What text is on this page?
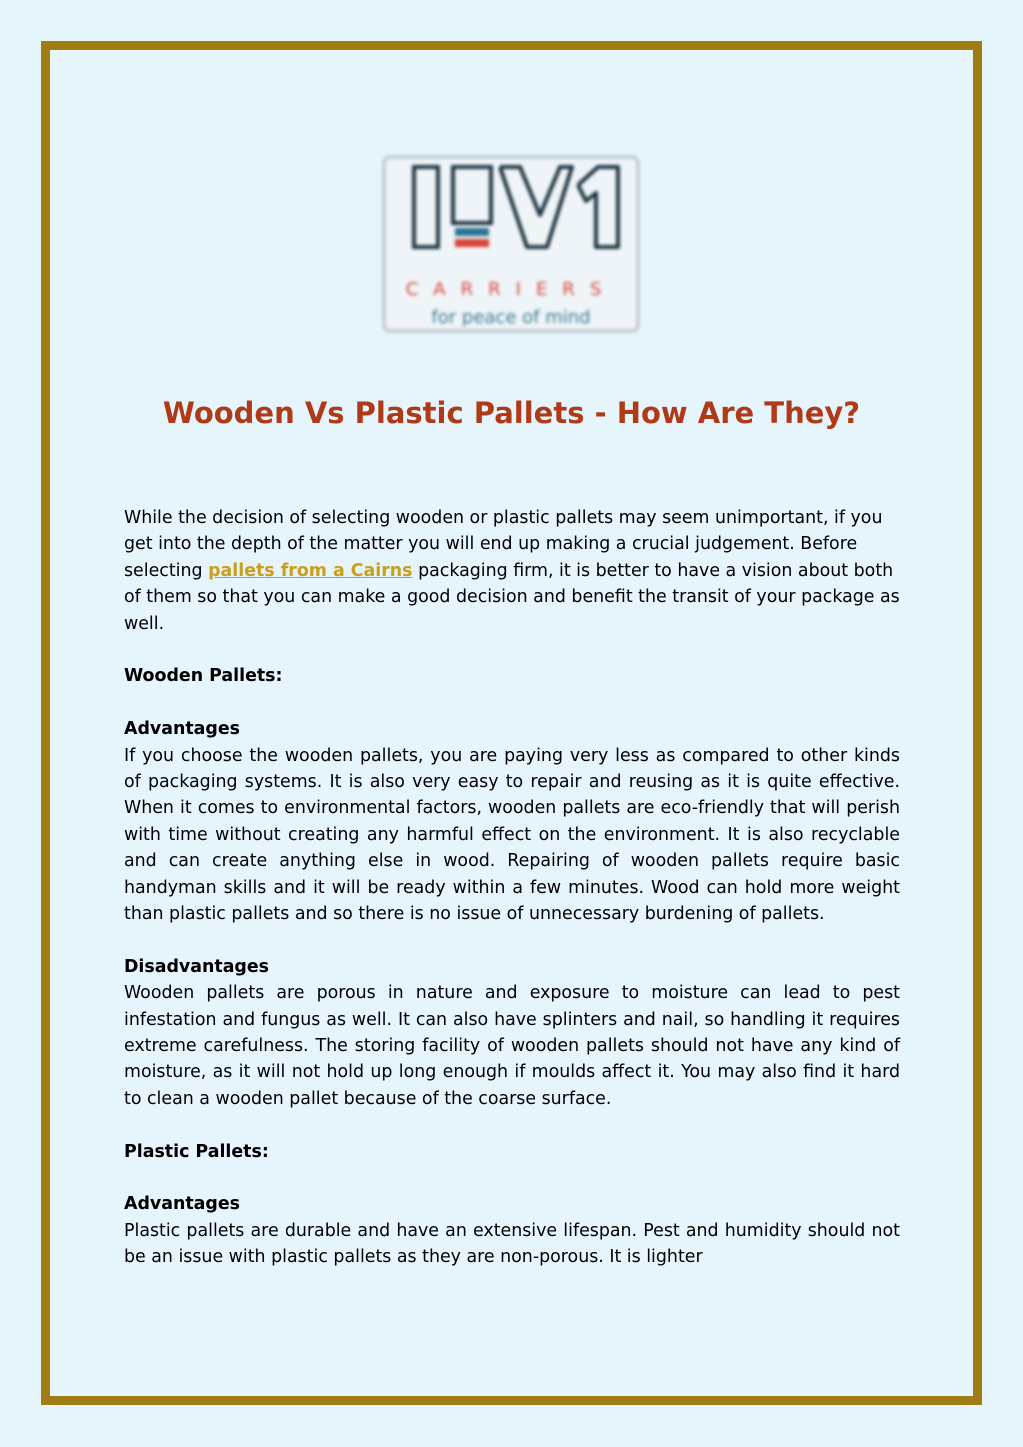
CARRIERS
for peace of mind
Wooden Vs Plastic Pallets - How Are They?

While the decision of selecting wooden or plastic pallets may seem unimportant, if you get into the depth of the matter you will end up making a crucial judgement. Before selecting pallets from a Cairns packaging firm, it is better to have a vision about both of them so that you can make a good decision and benefit the transit of your package as well.

Wooden Pallets:
Advantages

If you choose the wooden pallets, you are paying very less as compared to other kinds of packaging systems. It is also very easy to repair and reusing as it is quite effective. When it comes to environmental factors, wooden pallets are eco-friendly that will perish with time without creating any harmful effect on the environment. It is also recyclable and can create anything else in wood. Repairing of wooden pallets require basic handyman skills and it will be ready within a few minutes. Wood can hold more weight than plastic pallets and so there is no issue of unnecessary burdening of pallets.

Disadvantages

Wooden pallets are porous in nature and exposure to moisture can lead to pest infestation and fungus as well. It can also have splinters and nail, so handling it requires extreme carefulness. The storing facility of wooden pallets should not have any kind of moisture, as it will not hold up long enough if moulds affect it. You may also find it hard to clean a wooden pallet because of the coarse surface.

Plastic Pallets:
Advantages

Plastic pallets are durable and have an extensive lifespan. Pest and humidity should not be an issue with plastic pallets as they are non-porous. It is lighter
